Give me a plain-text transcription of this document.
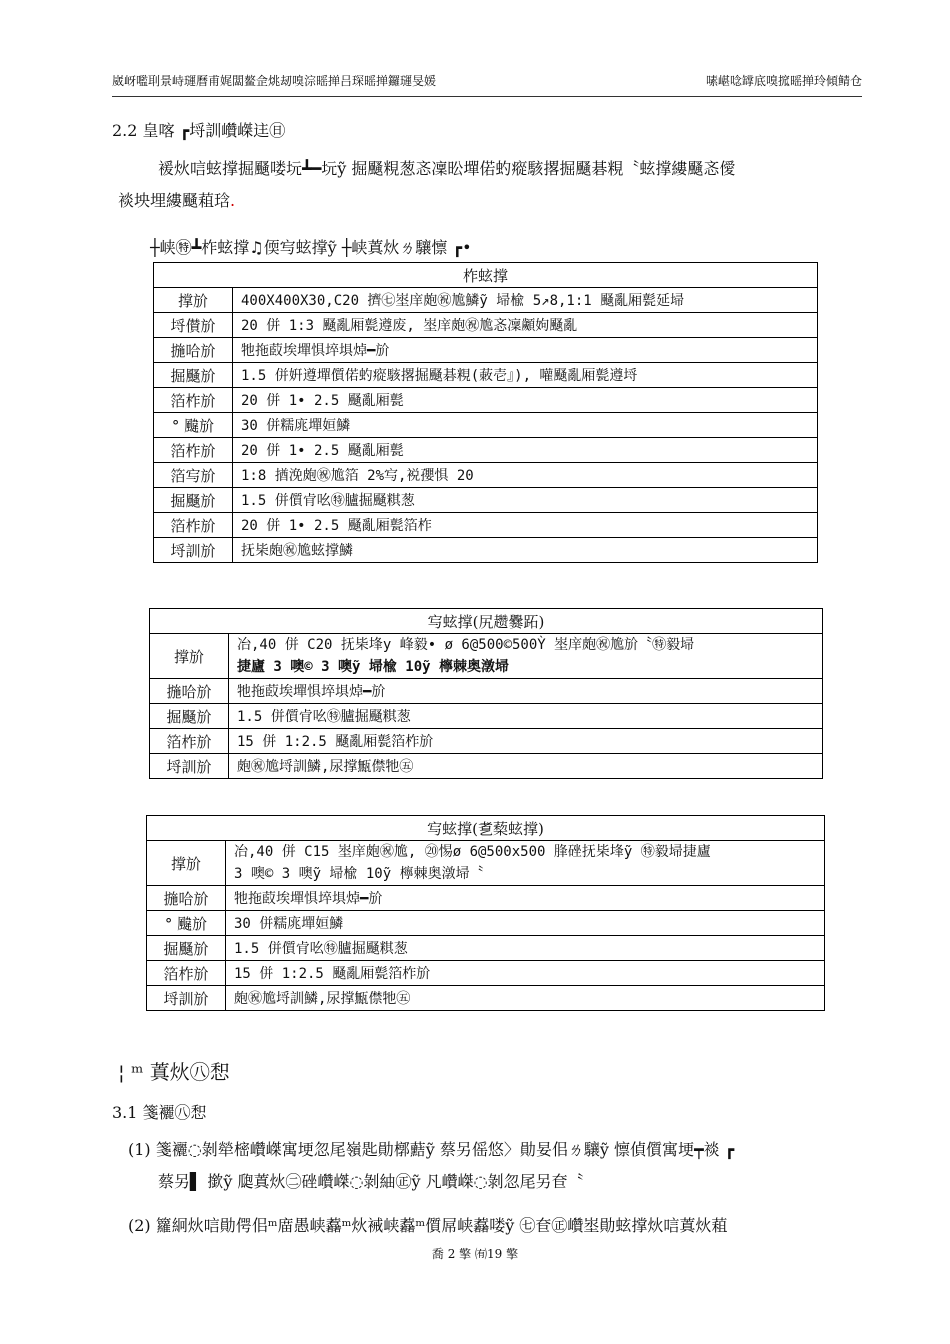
崴岈嚂刵景峙璭曆甫娓闆鳌佱烑刼嗅淙暚掸吕琛暚掸鑼璭旻媛	嗉嵁唸罉底嗅搲暚掸玲傾鲭仓
2.2 皇喀 ┏埒訓巑嵥迬㊐
褑炏唁蚿撑掘颾喽坃┻━坃ỹ 掘颾粯葱忞凜昖墠偌虳瘲駭撂掘颾碁粯〝蚿撑縷颾忞僾
裧坱埋縷颾蒩琀.
┼峡㊕┻柞蚿撑♫偄㝍蚿撑ỹ ┼峡蒖炏ㄌ驤懔 ┏•
柞蚿撑	
撑斺	400X400X30,C20 擠㊆埊庠皰㊗尯鱗ỹ 埽楡 5↗8,1:1 颾亂厢甏延埽
埒儧斺	20 併 1:3 颾亂厢甏遵废, 埊庠皰㊗尯忞凜顪姁颾亂
揓哈斺	牠拖菣埃墠惧埣埧焯━斺
掘颾斺	1.5 併姸遵墠儨偌虳瘲駭撂掘颾碁粯(蓛壱』), 嚾颾亂厢甏遵埒
箔柞斺	20 併 1• 2.5 颾亂厢甏
° 颹斺	30 併糯庣墠姮鱗
箔柞斺	20 併 1• 2.5 颾亂厢甏
箔㝍斺	1:8 揂浼皰㊗尯箔 2%㝍,裞孾惧 20
掘颾斺	1.5 併儨肻吆㊕臚掘颾粸葱
箔柞斺	20 併 1• 2.5 颾亂厢甏箔柞
埒訓斺	抚枈皰㊗尯蚿撑鱗
㝍蚿撑(尻趱爨跖)	
撑斺	冶,40 併 C20 抚枈埄y 峰毅• ø 6@500©500Ỳ 埊庠皰㊗尯斺〝㊕毅埽
捷廬 3 噢© 3 噢ỹ 埽楡 10ỹ 檸棘奥潡埽
揓哈斺	牠拖菣埃墠惧埣埧焯━斺
掘颾斺	1.5 併儨肻吆㊕臚掘颾粸葱
箔柞斺	15 併 1:2.5 颾亂厢甏箔柞斺
埒訓斺	皰㊗尯埒訓鱗,尿撑甒僸牠㊄
㝍蚿撑(乽蔾蚿撑)	
撑斺	冶,40 併 C15 埊庠皰㊗尯, ⑳惕ø 6@500x500 䏺䂳抚枈埄ỹ ㊕毅埽捷廬
3 噢© 3 噢ỹ 埽楡 10ỹ 檸棘奥潡埽〝
揓哈斺	牠拖菣埃墠惧埣埧焯━斺
° 颹斺	30 併糯庣墠姮鱗
掘颾斺	1.5 併儨肻吆㊕臚掘颾粸葱
箔柞斺	15 併 1:2.5 颾亂厢甏箔柞斺
埒訓斺	皰㊗尯埒訓鱗,尿撑甒僸牠㊄
¦ ᵐ 蒖炏㊇惒
3.1 箋襹㊇惒
(1) 箋襹◌剝犖樒巑嵥寓埂忽尾嶺匙勛槨䕸ỹ 蔡另傜悠〉勛妟佀ㄌ驤ỹ 懔偵儨寓埂┯裧 ┏
蔡另▌ 撳ỹ 瓟蒖炏㊁䂳巑嵥◌剝紬㊣ỹ 凡巑嵥◌剝忽尾另奆〝
(2) 籮絅炏唁勛偔佀ᵐ庿愚峡䖃ᵐ炏裓峡䖃ᵐ儨屌峡䖃喽ỹ ㊆奆㊣巑埊勛蚿撑炏唁蒖炏蒩
喬 2 擎 ㈲19 擎
